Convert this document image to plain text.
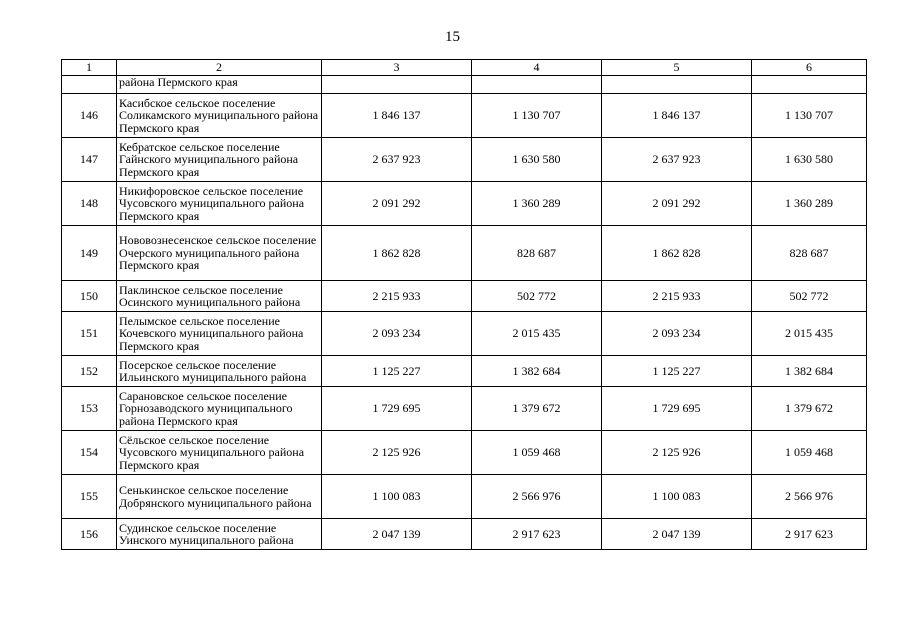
15
1	2	3	4	5	6
	района Пермского края				
146	Касибское сельское поселение Соликамского муниципального района Пермского края	1 846 137	1 130 707	1 846 137	1 130 707
147	Кебратское сельское поселение Гайнского муниципального района Пермского края	2 637 923	1 630 580	2 637 923	1 630 580
148	Никифоровское сельское поселение Чусовского муниципального района Пермского края	2 091 292	1 360 289	2 091 292	1 360 289
149	Нововознесенское сельское поселение Очерского муниципального района Пермского края	1 862 828	828 687	1 862 828	828 687
150	Паклинское сельское поселение Осинского муниципального района	2 215 933	502 772	2 215 933	502 772
151	Пелымское сельское поселение Кочевского муниципального района Пермского края	2 093 234	2 015 435	2 093 234	2 015 435
152	Посерское сельское поселение Ильинского муниципального района	1 125 227	1 382 684	1 125 227	1 382 684
153	Сарановское сельское поселение Горнозаводского муниципального района Пермского края	1 729 695	1 379 672	1 729 695	1 379 672
154	Сёльское сельское поселение Чусовского муниципального района Пермского края	2 125 926	1 059 468	2 125 926	1 059 468
155	Сенькинское сельское поселение Добрянского муниципального района	1 100 083	2 566 976	1 100 083	2 566 976
156	Судинское сельское поселение Уинского муниципального района	2 047 139	2 917 623	2 047 139	2 917 623
